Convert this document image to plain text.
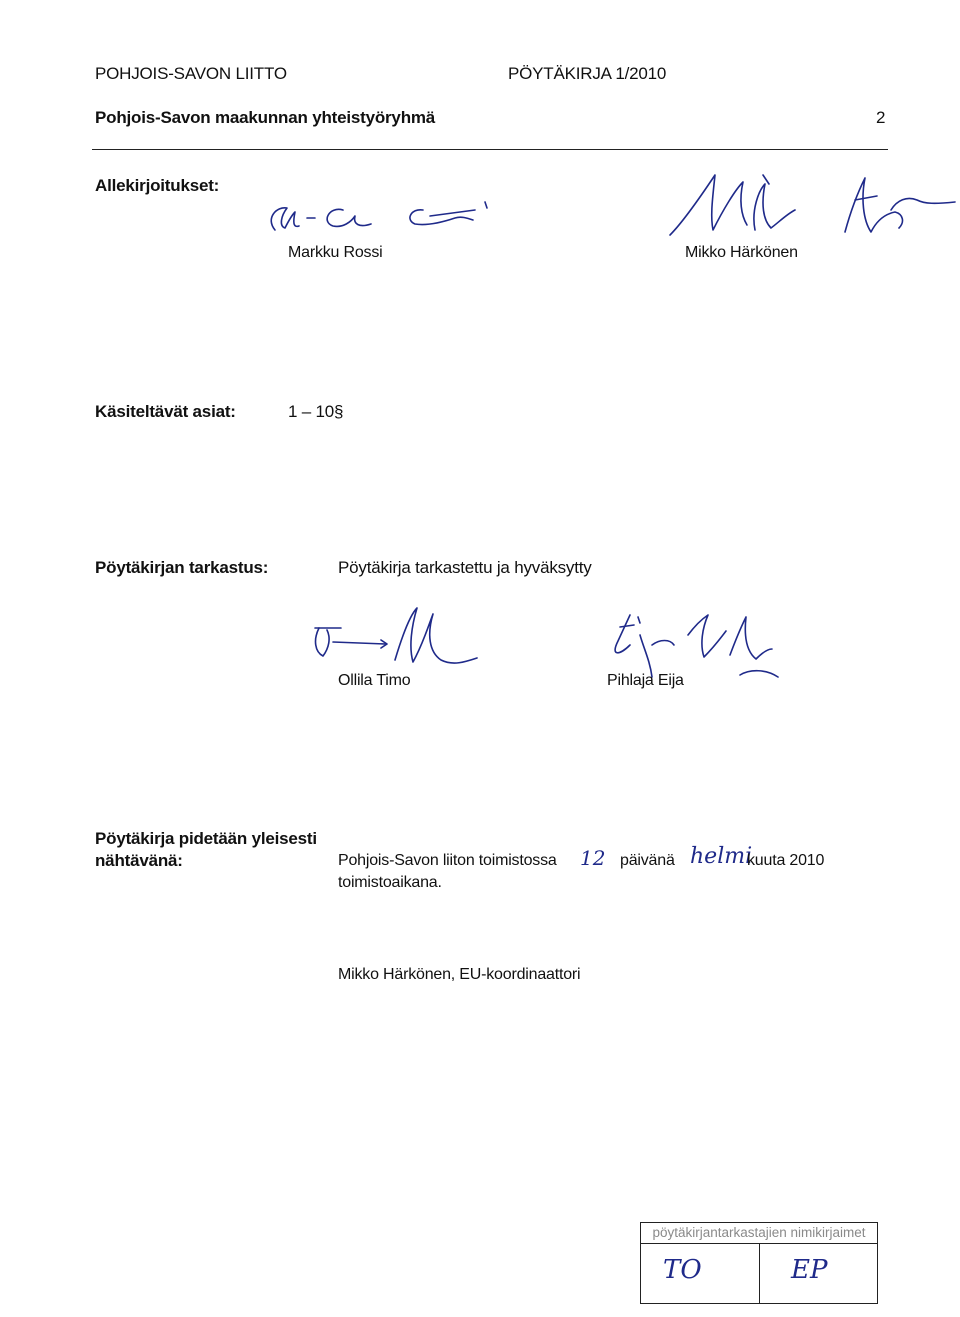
POHJOIS-SAVON LIITTO	PÖYTÄKIRJA 1/2010
Pohjois-Savon maakunnan yhteistyöryhmä	2
Allekirjoitukset:
Markku Rossi	Mikko Härkönen
Käsiteltävät asiat:	1 – 10 §
Pöytäkirjan tarkastus:	Pöytäkirja tarkastettu ja hyväksytty
Ollila Timo	Pihlaja Eija
Pöytäkirja pidetään yleisesti
nähtävänä:	Pohjois-Savon liiton toimistossa 12 päivänä helmi
kuuta 2010
toimistoaikana.
Mikko Härkönen, EU-koordinaattori
pöytäkirjantarkastajien nimikirjaimet
TO	EP
